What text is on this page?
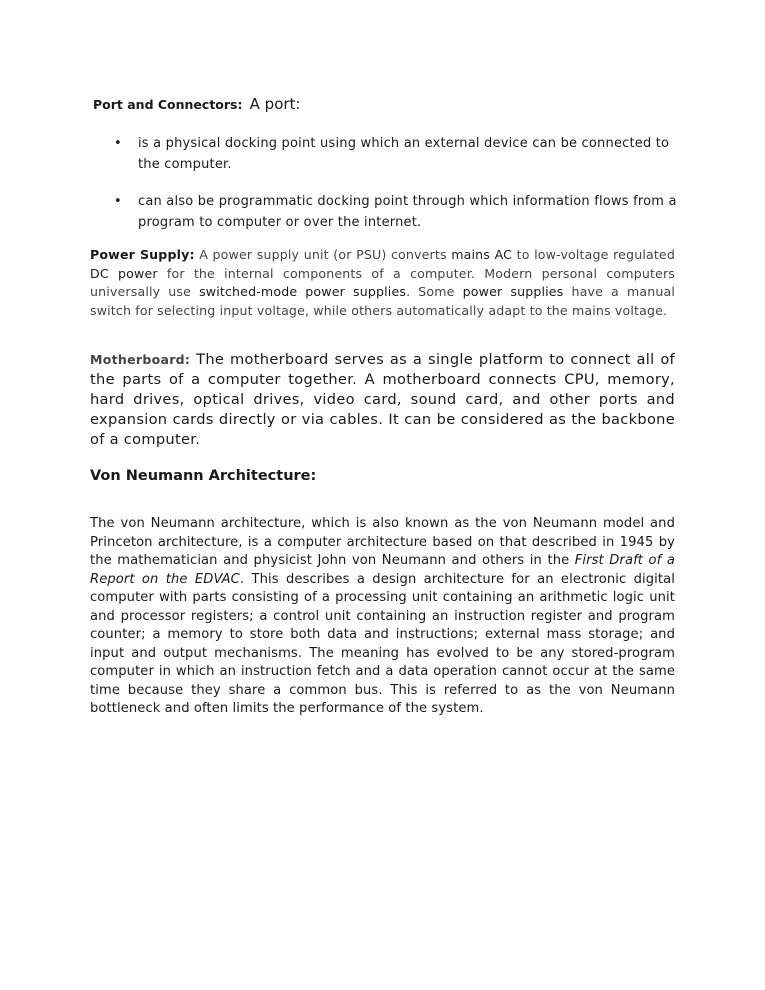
Port and Connectors: A port:
• is a physical docking point using which an external device can be connected to the computer.
• can also be programmatic docking point through which information flows from a program to computer or over the internet.
Power Supply: A power supply unit (or PSU) converts mains AC to low-voltage regulated DC power for the internal components of a computer. Modern personal computers universally use switched-mode power supplies. Some power supplies have a manual switch for selecting input voltage, while others automatically adapt to the mains voltage.
Motherboard: The motherboard serves as a single platform to connect all of the parts of a computer together. A motherboard connects CPU, memory, hard drives, optical drives, video card, sound card, and other ports and expansion cards directly or via cables. It can be considered as the backbone of a computer.
Von Neumann Architecture:
The von Neumann architecture, which is also known as the von Neumann model and Princeton architecture, is a computer architecture based on that described in 1945 by the mathematician and physicist John von Neumann and others in the First Draft of a Report on the EDVAC. This describes a design architecture for an electronic digital computer with parts consisting of a processing unit containing an arithmetic logic unit and processor registers; a control unit containing an instruction register and program counter; a memory to store both data and instructions; external mass storage; and input and output mechanisms. The meaning has evolved to be any stored-program computer in which an instruction fetch and a data operation cannot occur at the same time because they share a common bus. This is referred to as the von Neumann bottleneck and often limits the performance of the system.
